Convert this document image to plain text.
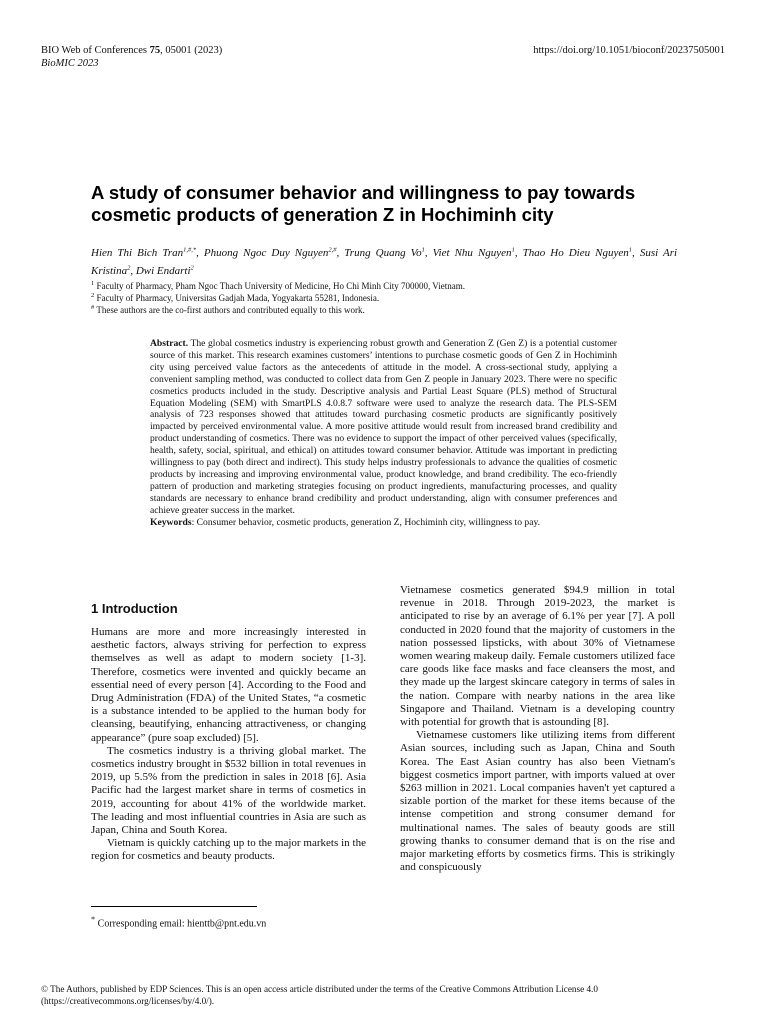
BIO Web of Conferences 75, 05001 (2023)
BioMIC 2023
https://doi.org/10.1051/bioconf/20237505001
A study of consumer behavior and willingness to pay towards cosmetic products of generation Z in Hochiminh city
Hien Thi Bich Tran$^{1,\#,*}$, Phuong Ngoc Duy Nguyen$^{2,\#}$, Trung Quang Vo$^1$, Viet Nhu Nguyen$^1$, Thao Ho Dieu Nguyen$^1$, Susi Ari Kristina$^2$, Dwi Endarti$^2$
$^1$ Faculty of Pharmacy, Pham Ngoc Thach University of Medicine, Ho Chi Minh City 700000, Vietnam.
$^2$ Faculty of Pharmacy, Universitas Gadjah Mada, Yogyakarta 55281, Indonesia.
# These authors are the co-first authors and contributed equally to this work.

Abstract. The global cosmetics industry is experiencing robust growth and Generation Z (Gen Z) is a potential customer source of this market. This research examines customers’ intentions to purchase cosmetic goods of Gen Z in Hochiminh city using perceived value factors as the antecedents of attitude in the model. A cross-sectional study, applying a convenient sampling method, was conducted to collect data from Gen Z people in January 2023. There were no specific cosmetics products included in the study. Descriptive analysis and Partial Least Square (PLS) method of Structural Equation Modeling (SEM) with SmartPLS 4.0.8.7 software were used to analyze the research data. The PLS-SEM analysis of 723 responses showed that attitudes toward purchasing cosmetic products are significantly positively impacted by perceived environmental value. A more positive attitude would result from increased brand credibility and product understanding of cosmetics. There was no evidence to support the impact of other perceived values (specifically, health, safety, social, spiritual, and ethical) on attitudes toward consumer behavior. Attitude was important in predicting willingness to pay (both direct and indirect). This study helps industry professionals to advance the qualities of cosmetic products by increasing and improving environmental value, product knowledge, and brand credibility. The eco-friendly pattern of production and marketing strategies focusing on product ingredients, manufacturing processes, and quality standards are necessary to enhance brand credibility and product understanding, align with consumer preferences and achieve greater success in the market.

Keywords: Consumer behavior, cosmetic products, generation Z, Hochiminh city, willingness to pay.

1 Introduction

Humans are more and more increasingly interested in aesthetic factors, always striving for perfection to express themselves as well as adapt to modern society [1-3]. Therefore, cosmetics were invented and quickly became an essential need of every person [4]. According to the Food and Drug Administration (FDA) of the United States, “a cosmetic is a substance intended to be applied to the human body for cleansing, beautifying, enhancing attractiveness, or changing appearance” (pure soap excluded) [5].

The cosmetics industry is a thriving global market. The cosmetics industry brought in $532 billion in total revenues in 2019, up 5.5% from the prediction in sales in 2018 [6]. Asia Pacific had the largest market share in terms of cosmetics in 2019, accounting for about 41% of the worldwide market. The leading and most influential countries in Asia are such as Japan, China and South Korea.

Vietnam is quickly catching up to the major markets in the region for cosmetics and beauty products.

Vietnamese cosmetics generated $94.9 million in total revenue in 2018. Through 2019-2023, the market is anticipated to rise by an average of 6.1% per year [7]. A poll conducted in 2020 found that the majority of customers in the nation possessed lipsticks, with about 30% of Vietnamese women wearing makeup daily. Female customers utilized face care goods like face masks and face cleansers the most, and they made up the largest skincare category in terms of sales in the nation. Compare with nearby nations in the area like Singapore and Thailand. Vietnam is a developing country with potential for growth that is astounding [8].

Vietnamese customers like utilizing items from different Asian sources, including such as Japan, China and South Korea. The East Asian country has also been Vietnam's biggest cosmetics import partner, with imports valued at over $263 million in 2021. Local companies haven't yet captured a sizable portion of the market for these items because of the intense competition and strong consumer demand for multinational names. The sales of beauty goods are still growing thanks to consumer demand that is on the rise and major marketing efforts by cosmetics firms. This is strikingly and conspicuously

* Corresponding email: hienttb@pnt.edu.vn
© The Authors, published by EDP Sciences. This is an open access article distributed under the terms of the Creative Commons Attribution License 4.0 (https://creativecommons.org/licenses/by/4.0/).
